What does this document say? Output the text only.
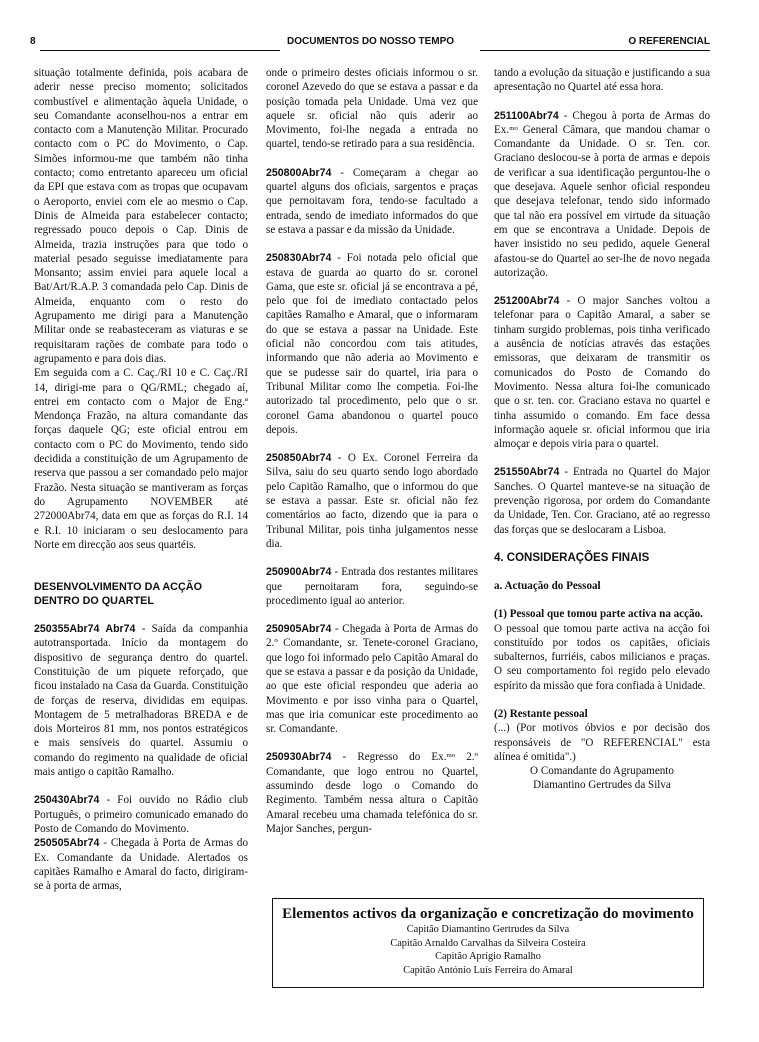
8	DOCUMENTOS DO NOSSO TEMPO	O REFERENCIAL

situação totalmente definida, pois acabara de aderir nesse preciso momento; solicitados combustível e alimentação àquela Unidade, o seu Comandante aconselhou-nos a entrar em contacto com a Manutenção Militar. Procurado contacto com o PC do Movimento, o Cap. Simões informou-me que também não tinha contacto; como entretanto apareceu um oficial da EPI que estava com as tropas que ocupavam o Aeroporto, enviei com ele ao mesmo o Cap. Dinis de Almeida para estabelecer contacto; regressado pouco depois o Cap. Dinis de Almeida, trazia instruções para que todo o material pesado seguisse imediatamente para Monsanto; assim enviei para aquele local a Bat/Art/R.A.P. 3 comandada pelo Cap. Dinis de Almeida, enquanto com o resto do Agrupamento me dirigi para a Manutenção Militar onde se reabasteceram as viaturas e se requisitaram rações de combate para todo o agrupamento e para dois dias.

Em seguida com a C. Caç./RI 10 e C. Caç./RI 14, dirigi-me para o QG/RML; chegado aí, entrei em contacto com o Major de Eng.ª Mendonça Frazão, na altura comandante das forças daquele QG; este oficial entrou em contacto com o PC do Movimento, tendo sido decidida a constituição de um Agrupamento de reserva que passou a ser comandado pelo major Frazão. Nesta situação se mantiveram as forças do Agrupamento NOVEMBER até 272000Abr74, data em que as forças do R.I. 14 e R.I. 10 iniciaram o seu deslocamento para Norte em direcção aos seus quartéis.

DESENVOLVIMENTO DA ACÇÃO DENTRO DO QUARTEL

250355Abr74 Abr74 - Saída da companhia autotransportada. Início da montagem do dispositivo de segurança dentro do quartel. Constituição de um piquete reforçado, que ficou instalado na Casa da Guarda. Constituição de forças de reserva, divididas em equipas. Montagem de 5 metralhadoras BREDA e de dois Morteiros 81 mm, nos pontos estratégicos e mais sensíveis do quartel. Assumiu o comando do regimento na qualidade de oficial mais antigo o capitão Ramalho.

250430Abr74 - Foi ouvido no Rádio club Português, o primeiro comunicado emanado do Posto de Comando do Movimento.

250505Abr74 - Chegada à Porta de Armas do Ex. Comandante da Unidade. Alertados os capitães Ramalho e Amaral do facto, dirigiram-se à porta de armas,

onde o primeiro destes oficiais informou o sr. coronel Azevedo do que se estava a passar e da posição tomada pela Unidade. Uma vez que aquele sr. oficial não quis aderir ao Movimento, foi-lhe negada a entrada no quartel, tendo-se retirado para a sua residência.

250800Abr74 - Começaram a chegar ao quartel alguns dos oficiais, sargentos e praças que pernoitavam fora, tendo-se facultado a entrada, sendo de imediato informados do que se estava a passar e da missão da Unidade.

250830Abr74 - Foi notada pelo oficial que estava de guarda ao quarto do sr. coronel Gama, que este sr. oficial já se encontrava a pé, pelo que foi de imediato contactado pelos capitães Ramalho e Amaral, que o informaram do que se estava a passar na Unidade. Este oficial não concordou com tais atitudes, informando que não aderia ao Movimento e que se pudesse sair do quartel, iria para o Tribunal Militar como lhe competia. Foi-lhe autorizado tal procedimento, pelo que o sr. coronel Gama abandonou o quartel pouco depois.

250850Abr74 - O Ex. Coronel Ferreira da Silva, saiu do seu quarto sendo logo abordado pelo Capitão Ramalho, que o informou do que se estava a passar. Este sr. oficial não fez comentários ao facto, dizendo que ia para o Tribunal Militar, pois tinha julgamentos nesse dia.

250900Abr74 - Entrada dos restantes militares que pernoitaram fora, seguindo-se procedimento igual ao anterior.

250905Abr74 - Chegada à Porta de Armas do 2.º Comandante, sr. Tenete-coronel Graciano, que logo foi informado pelo Capitão Amaral do que se estava a passar e da posição da Unidade, ao que este oficial respondeu que aderia ao Movimento e por isso vinha para o Quartel, mas que iria comunicar este procedimento ao sr. Comandante.

250930Abr74 - Regresso do Ex.ᵐᵒ 2.º Comandante, que logo entrou no Quartel, assumindo desde logo o Comando do Regimento. Também nessa altura o Capitão Amaral recebeu uma chamada telefónica do sr. Major Sanches, pergun-

tando a evolução da situação e justificando a sua apresentação no Quartel até essa hora.

251100Abr74 - Chegou à porta de Armas do Ex.ᵐᵒ General Câmara, que mandou chamar o Comandante da Unidade. O sr. Ten. cor. Graciano deslocou-se à porta de armas e depois de verificar a sua identificação perguntou-lhe o que desejava. Aquele senhor oficial respondeu que desejava telefonar, tendo sido informado que tal não era possível em virtude da situação em que se encontrava a Unidade. Depois de haver insistido no seu pedido, aquele General afastou-se do Quartel ao ser-lhe de novo negada autorização.

251200Abr74 - O major Sanches voltou a telefonar para o Capitão Amaral, a saber se tinham surgido problemas, pois tinha verificado a ausência de notícias através das estações emissoras, que deixaram de transmitir os comunicados do Posto de Comando do Movimento. Nessa altura foi-lhe comunicado que o sr. ten. cor. Graciano estava no quartel e tinha assumido o comando. Em face dessa informação aquele sr. oficial informou que iria almoçar e depois viria para o quartel.

251550Abr74 - Entrada no Quartel do Major Sanches. O Quartel manteve-se na situação de prevenção rigorosa, por ordem do Comandante da Unidade, Ten. Cor. Graciano, até ao regresso das forças que se deslocaram a Lisboa.

4. CONSIDERAÇÕES FINAIS

a. Actuação do Pessoal

(1) Pessoal que tomou parte activa na acção.

O pessoal que tomou parte activa na acção foi constituído por todos os capitães, oficiais subalternos, furriéis, cabos milicianos e praças. O seu comportamento foi regido pelo elevado espírito da missão que fora confiada à Unidade.

(2) Restante pessoal

(...) (Por motivos óbvios e por decisão dos responsáveis de "O REFERENCIAL" esta alínea é omitida".)

O Comandante do Agrupamento

Diamantino Gertrudes da Silva

Elementos activos da organização e concretização do movimento
Capitão Diamantino Gertrudes da Silva
Capitão Arnaldo Carvalhas da Silveira Costeira
Capitão Aprígio Ramalho
Capitão António Luís Ferreira do Amaral
